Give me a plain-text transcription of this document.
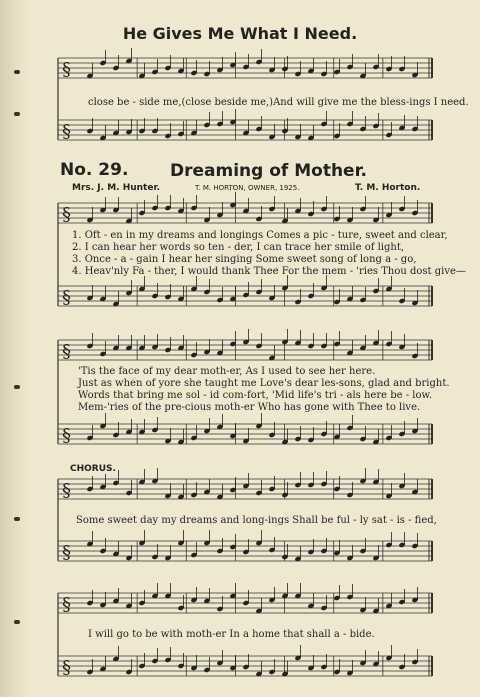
§
§
§
§
§
§
§
§
§
§
He Gives Me What I Need.
close be - side me,(close beside me,)And will give me the bless-ings I need.
No. 29. Dreaming of Mother.
Mrs. J. M. Hunter.	T. M. HORTON, OWNER, 1925.	T. M. Horton.
1. Oft - en in my dreams and longings Comes a pic - ture, sweet and clear,
2. I can hear her words so ten - der, I can trace her smile of light,
3. Once - a - gain I hear her singing Some sweet song of long a - go,
4. Heav'nly Fa - ther, I would thank Thee For the mem - 'ries Thou dost give—
'Tis the face of my dear moth-er, As I used to see her here.
Just as when of yore she taught me Love's dear les-sons, glad and bright.
Words that bring me sol - id com-fort, 'Mid life's tri - als here be - low.
Mem-'ries of the pre-cious moth-er Who has gone with Thee to live.
CHORUS.
Some sweet day my dreams and long-ings Shall be ful - ly sat - is - fied,
I will go to be with moth-er In a home that shall a - bide.
